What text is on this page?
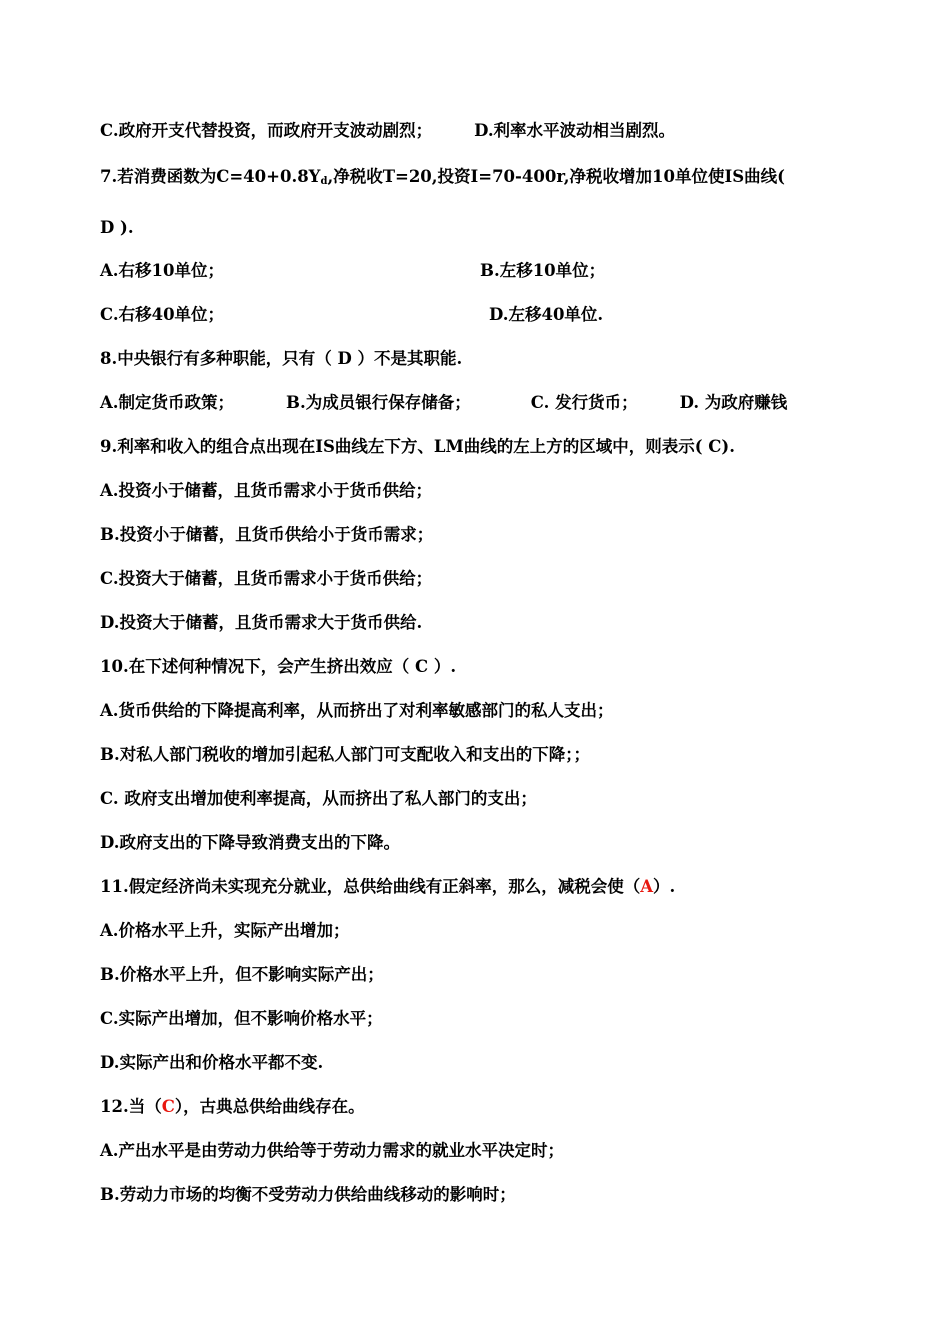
C.政府开支代替投资，而政府开支波动剧烈；	D.利率水平波动相当剧烈。
7.若消费函数为$C=40+0.8Y_d$,净税收T=20,投资I=70-400r,净税收增加10单位使IS曲线(
D ).
A.右移10单位；	B.左移10单位；
C.右移40单位；	D.左移40单位.
8.中央银行有多种职能，只有（ D ）不是其职能.
A.制定货币政策；	B.为成员银行保存储备；	C. 发行货币；	D. 为政府赚钱
9.利率和收入的组合点出现在IS曲线左下方、LM曲线的左上方的区域中，则表示( C).
A.投资小于储蓄，且货币需求小于货币供给；
B.投资小于储蓄，且货币供给小于货币需求；
C.投资大于储蓄，且货币需求小于货币供给；
D.投资大于储蓄，且货币需求大于货币供给.
10.在下述何种情况下，会产生挤出效应（ C ）.
A.货币供给的下降提高利率，从而挤出了对利率敏感部门的私人支出；
B.对私人部门税收的增加引起私人部门可支配收入和支出的下降；；
C. 政府支出增加使利率提高，从而挤出了私人部门的支出；
D.政府支出的下降导致消费支出的下降。
11.假定经济尚未实现充分就业，总供给曲线有正斜率，那么，减税会使（A）.
A.价格水平上升，实际产出增加；
B.价格水平上升，但不影响实际产出；
C.实际产出增加，但不影响价格水平；
D.实际产出和价格水平都不变.
12.当（C），古典总供给曲线存在。
A.产出水平是由劳动力供给等于劳动力需求的就业水平决定时；
B.劳动力市场的均衡不受劳动力供给曲线移动的影响时；
